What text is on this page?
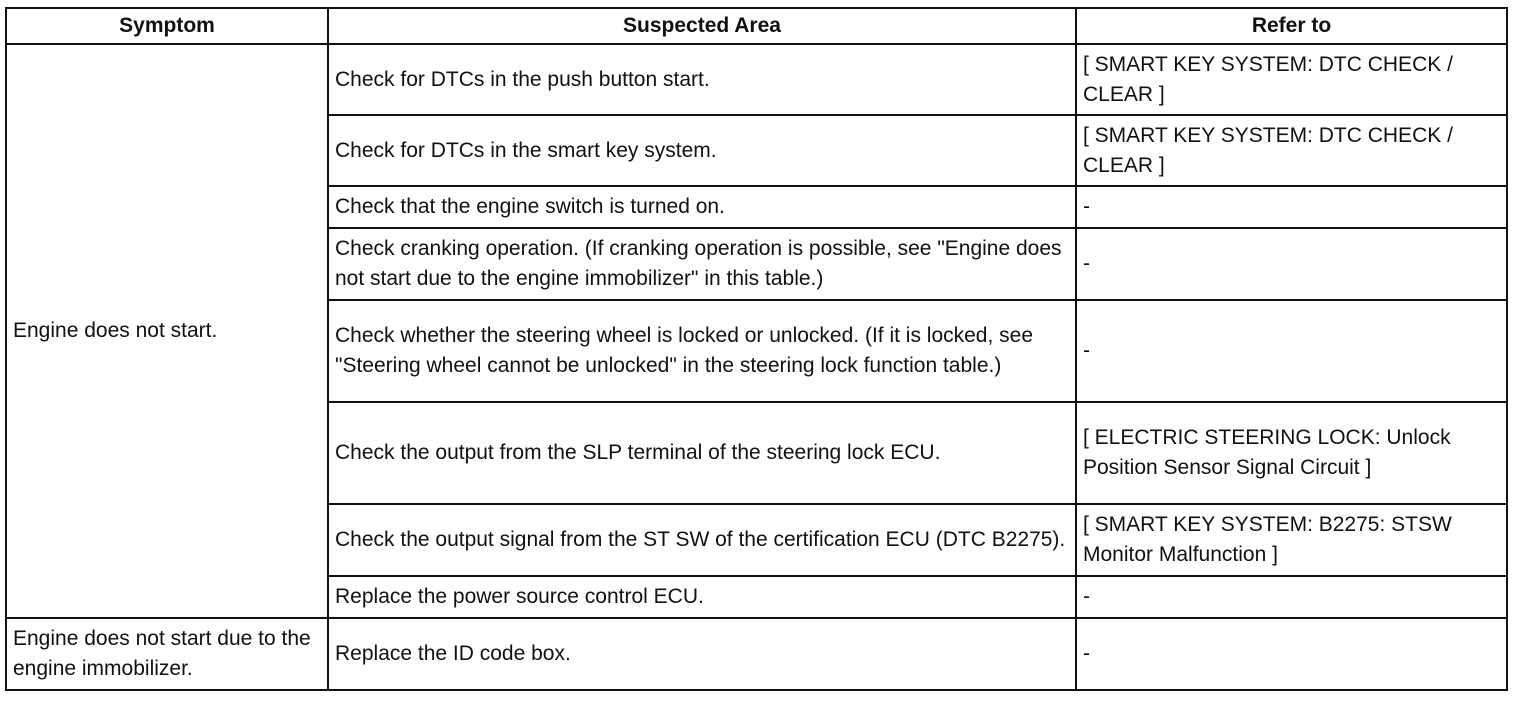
Symptom	Suspected Area	Refer to
Engine does not start.	Check for DTCs in the push button start.	[ SMART KEY SYSTEM: DTC CHECK / CLEAR ]
	Check for DTCs in the smart key system.	[ SMART KEY SYSTEM: DTC CHECK / CLEAR ]
	Check that the engine switch is turned on.	-
	Check cranking operation. (If cranking operation is possible, see "Engine does not start due to the engine immobilizer" in this table.)	-
	Check whether the steering wheel is locked or unlocked. (If it is locked, see "Steering wheel cannot be unlocked" in the steering lock function table.)	-
	Check the output from the SLP terminal of the steering lock ECU.	[ ELECTRIC STEERING LOCK: Unlock Position Sensor Signal Circuit ]
	Check the output signal from the ST SW of the certification ECU (DTC B2275).	[ SMART KEY SYSTEM: B2275: STSW Monitor Malfunction ]
	Replace the power source control ECU.	-
Engine does not start due to the engine immobilizer.	Replace the ID code box.	-
